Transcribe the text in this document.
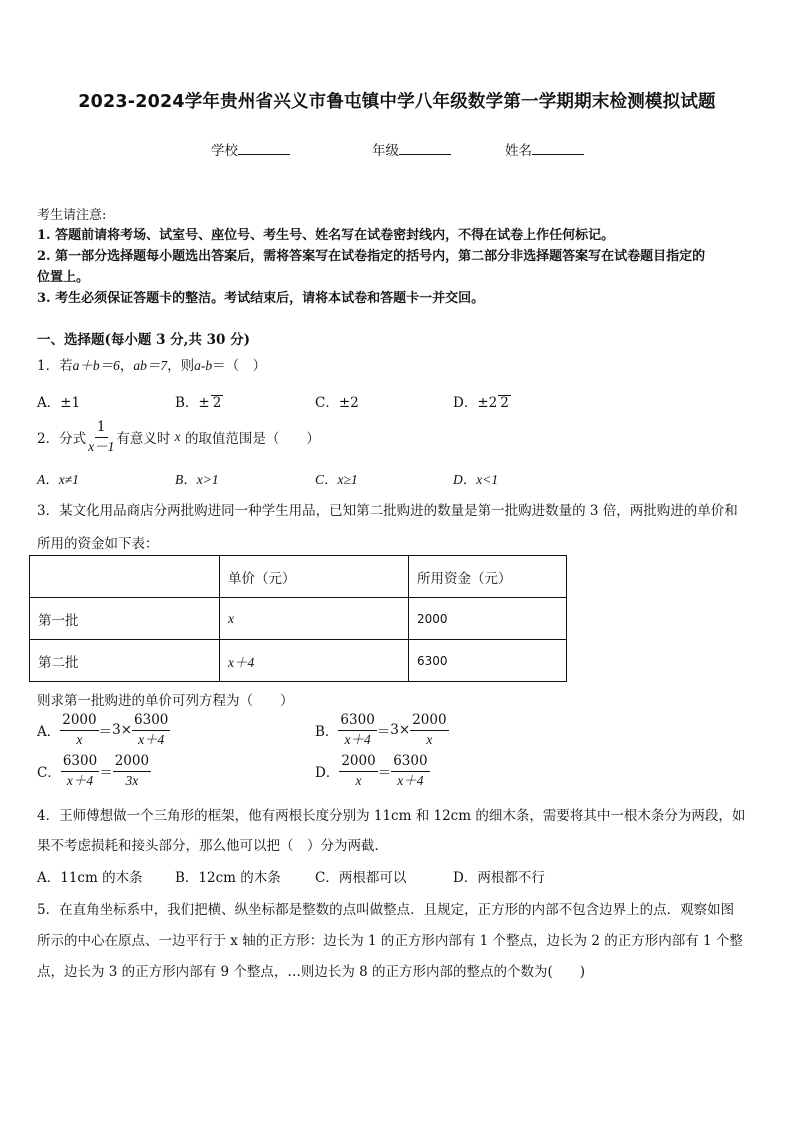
2023-2024学年贵州省兴义市鲁屯镇中学八年级数学第一学期期末检测模拟试题
学校	年级	姓名
考生请注意:
1. 答题前请将考场、试室号、座位号、考生号、姓名写在试卷密封线内，不得在试卷上作任何标记。
2. 第一部分选择题每小题选出答案后，需将答案写在试卷指定的括号内，第二部分非选择题答案写在试卷题目指定的
位置上。
3. 考生必须保证答题卡的整洁。考试结束后，请将本试卷和答题卡一并交回。
一、选择题(每小题 3 分,共 30 分)
1．若a＋b＝6，ab＝7，则a-b＝（　）
A．±1	B．± 2	C．±2	D．±2 2
2．分式 $\frac{1}{x-1}$ 有意义时
x
的取值范围是（　　）
A．x≠1	B．x>1	C．x≥1	D．x<1
3．某文化用品商店分两批购进同一种学生用品，已知第二批购进的数量是第一批购进数量的 3 倍，两批购进的单价和
所用的资金如下表：
	单价（元）	所用资金（元）
第一批	x	2000
第二批	x＋4	6300
则求第一批购进的单价可列方程为（　　）
A． $\frac{2000}{x} = 3\times \frac{6300}{x+4}$	B． $\frac{6300}{x+4} = 3\times \frac{2000}{x}$
C． $\frac{6300}{x+4} = \frac{2000}{3x}$	D． $\frac{2000}{x} = \frac{6300}{x+4}$
4．王师傅想做一个三角形的框架，他有两根长度分别为 11cm 和 12cm 的细木条，需要将其中一根木条分为两段，如
果不考虑损耗和接头部分，那么他可以把（　）分为两截．
A．11cm 的木条 B．12cm 的木条	C．两根都可以	D．两根都不行
5．在直角坐标系中，我们把横、纵坐标都是整数的点叫做整点．且规定，正方形的内部不包含边界上的点．观察如图
所示的中心在原点、一边平行于 x 轴的正方形：边长为 1 的正方形内部有 1 个整点，边长为 2 的正方形内部有 1 个整
点，边长为 3 的正方形内部有 9 个整点，…则边长为 8 的正方形内部的整点的个数为(　　)
